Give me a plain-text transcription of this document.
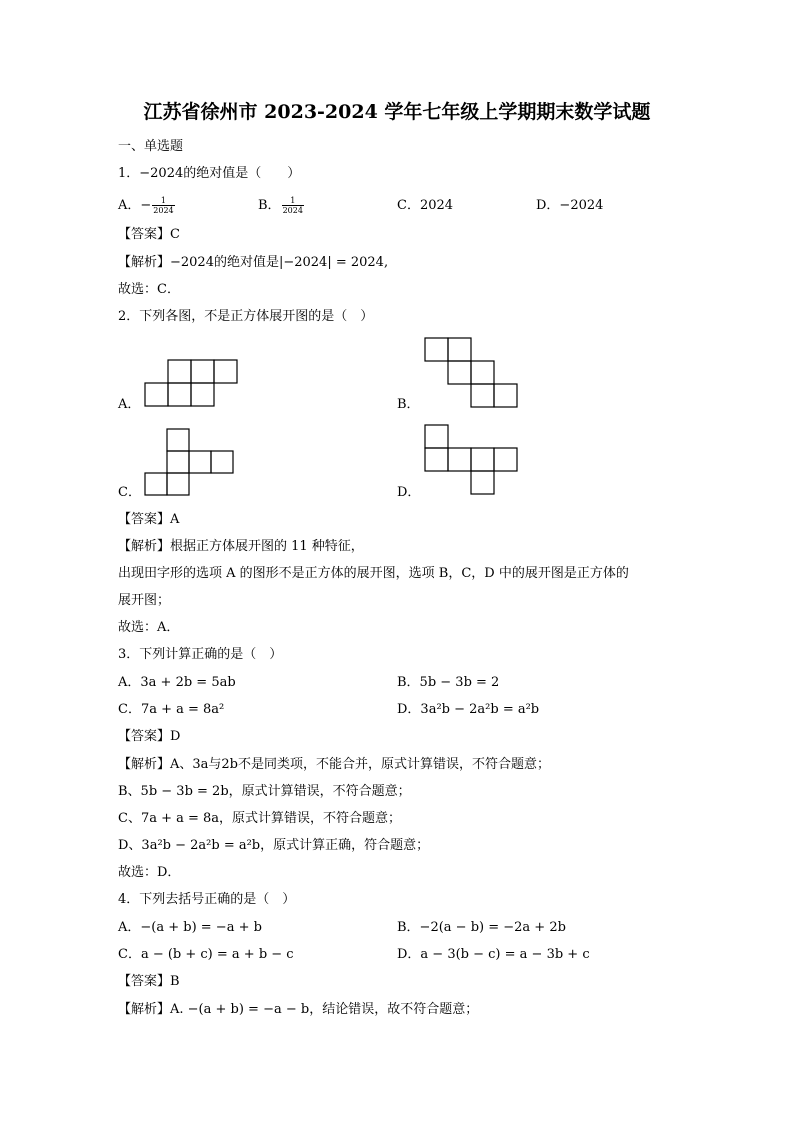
江苏省徐州市 2023-2024 学年七年级上学期期末数学试题
一、单选题
1．−2024的绝对值是（　　）
A．− $\frac{1}{2024}$	B． $\frac{1}{2024}$	C．2024	D．−2024
【答案】C
【解析】−2024的绝对值是|−2024| = 2024,
故选：C．
2．下列各图，不是正方体展开图的是（　）
A．	B．
C．	D．
【答案】A
【解析】根据正方体展开图的 11 种特征，
出现田字形的选项 A 的图形不是正方体的展开图，选项 B，C，D 中的展开图是正方体的
展开图；
故选：A．
3．下列计算正确的是（　）
A．3a + 2b = 5ab	B．5b − 3b = 2
C．7a + a = 8a²	D．3a²b − 2a²b = a²b
【答案】D
【解析】A、3a与2b不是同类项，不能合并，原式计算错误，不符合题意；
B、5b − 3b = 2b，原式计算错误，不符合题意；
C、7a + a = 8a，原式计算错误，不符合题意；
D、3a²b − 2a²b = a²b，原式计算正确，符合题意；
故选：D．
4．下列去括号正确的是（　）
A．−(a + b) = −a + b	B．−2(a − b) = −2a + 2b
C．a − (b + c) = a + b − c	D．a − 3(b − c) = a − 3b + c
【答案】B
【解析】A. −(a + b) = −a − b，结论错误，故不符合题意；
